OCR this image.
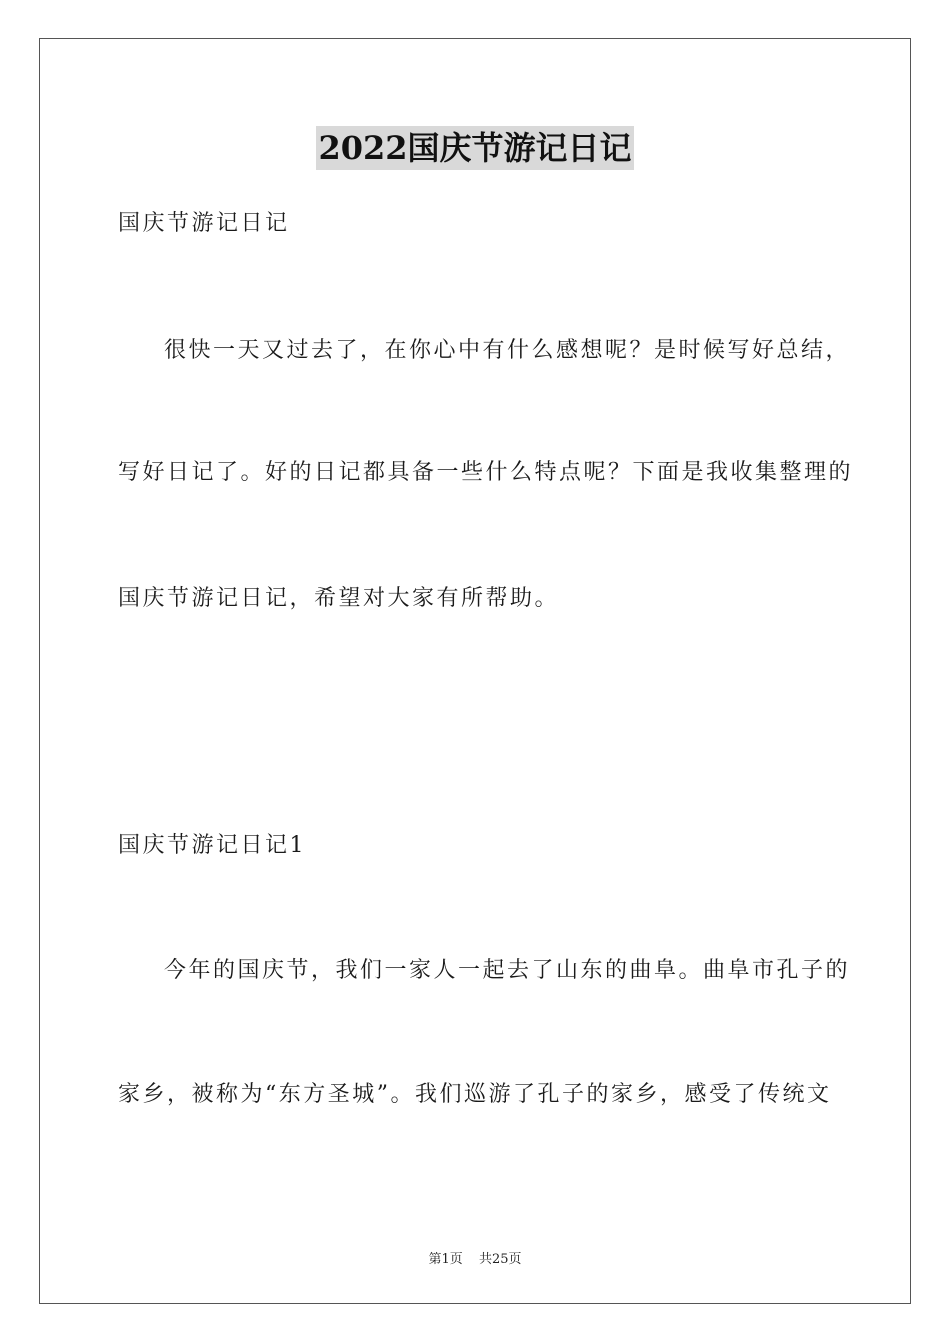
2022国庆节游记日记
国庆节游记日记
很快一天又过去了，在你心中有什么感想呢？是时候写好总结，
写好日记了。好的日记都具备一些什么特点呢？下面是我收集整理的
国庆节游记日记，希望对大家有所帮助。
国庆节游记日记1
今年的国庆节，我们一家人一起去了山东的曲阜。曲阜市孔子的
家乡，被称为“东方圣城”。我们巡游了孔子的家乡，感受了传统文
第1页 共25页
